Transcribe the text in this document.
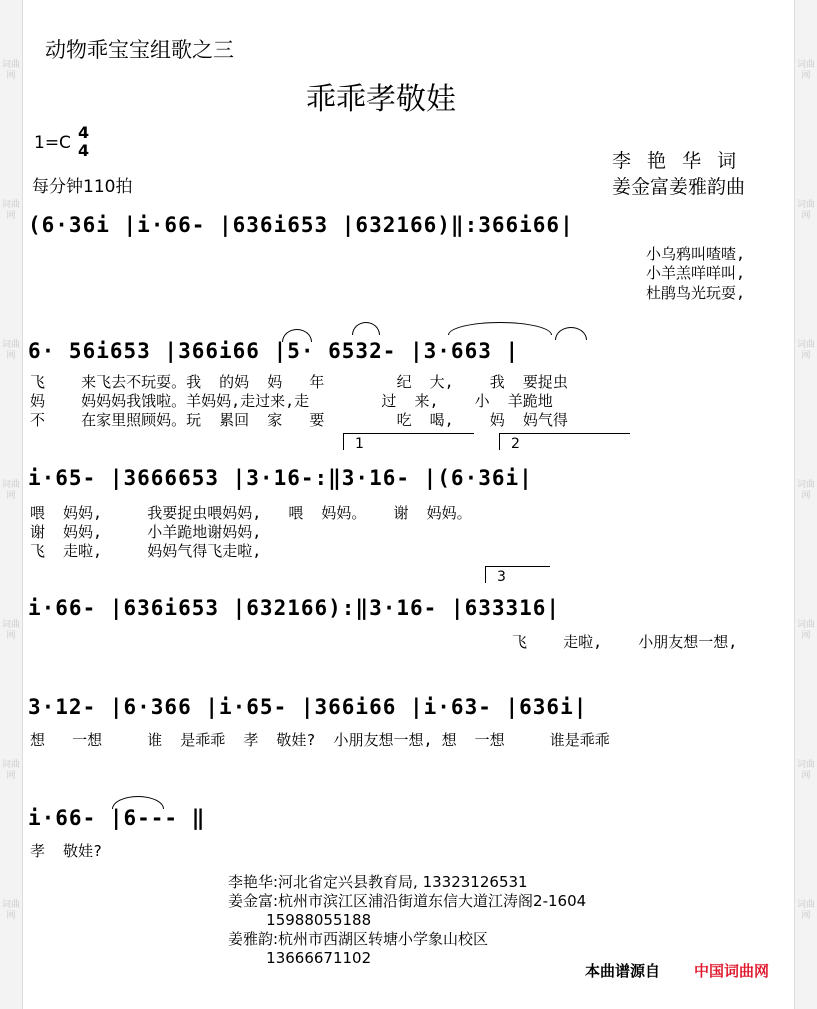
词曲网
词曲网
词曲网
词曲网
词曲网
词曲网
词曲网
词曲网
词曲网
词曲网
词曲网
词曲网
词曲网
词曲网
动物乖宝宝组歌之三
乖乖孝敬娃
1=C
4
4
每分钟110拍
李 艳 华 词
姜金富姜雅韵曲
(6·36i |i·66- |636i653 |632166)‖:366i66|
小乌鸦叫喳喳,
小羊羔咩咩叫,
杜鹃鸟光玩耍,
6· 56i653 |366i66 |5· 6532- |3·663 |
飞    来飞去不玩耍。我  的妈  妈   年        纪  大,    我  要捉虫
妈    妈妈妈我饿啦。羊妈妈,走过来,走        过  来,    小  羊跪地
不    在家里照顾妈。玩  累回  家   要        吃  喝,    妈  妈气得
1	2
i·65- |3666653 |3·16-:‖3·16- |(6·36i|
喂  妈妈,     我要捉虫喂妈妈,   喂  妈妈。   谢  妈妈。
谢  妈妈,     小羊跪地谢妈妈,
飞  走啦,     妈妈气得飞走啦,
3
i·66- |636i653 |632166):‖3·16- |633316|
飞    走啦,    小朋友想一想,
3·12- |6·366 |i·65- |366i66 |i·63- |636i|
想   一想     谁  是乖乖  孝  敬娃?  小朋友想一想, 想  一想     谁是乖乖
i·66- |6--- ‖
孝  敬娃?
李艳华:河北省定兴县教育局, 13323126531
姜金富:杭州市滨江区浦沿街道东信大道江涛阁2-1604
15988055188
姜雅韵:杭州市西湖区转塘小学象山校区
13666671102
本曲谱源自 中国词曲网
